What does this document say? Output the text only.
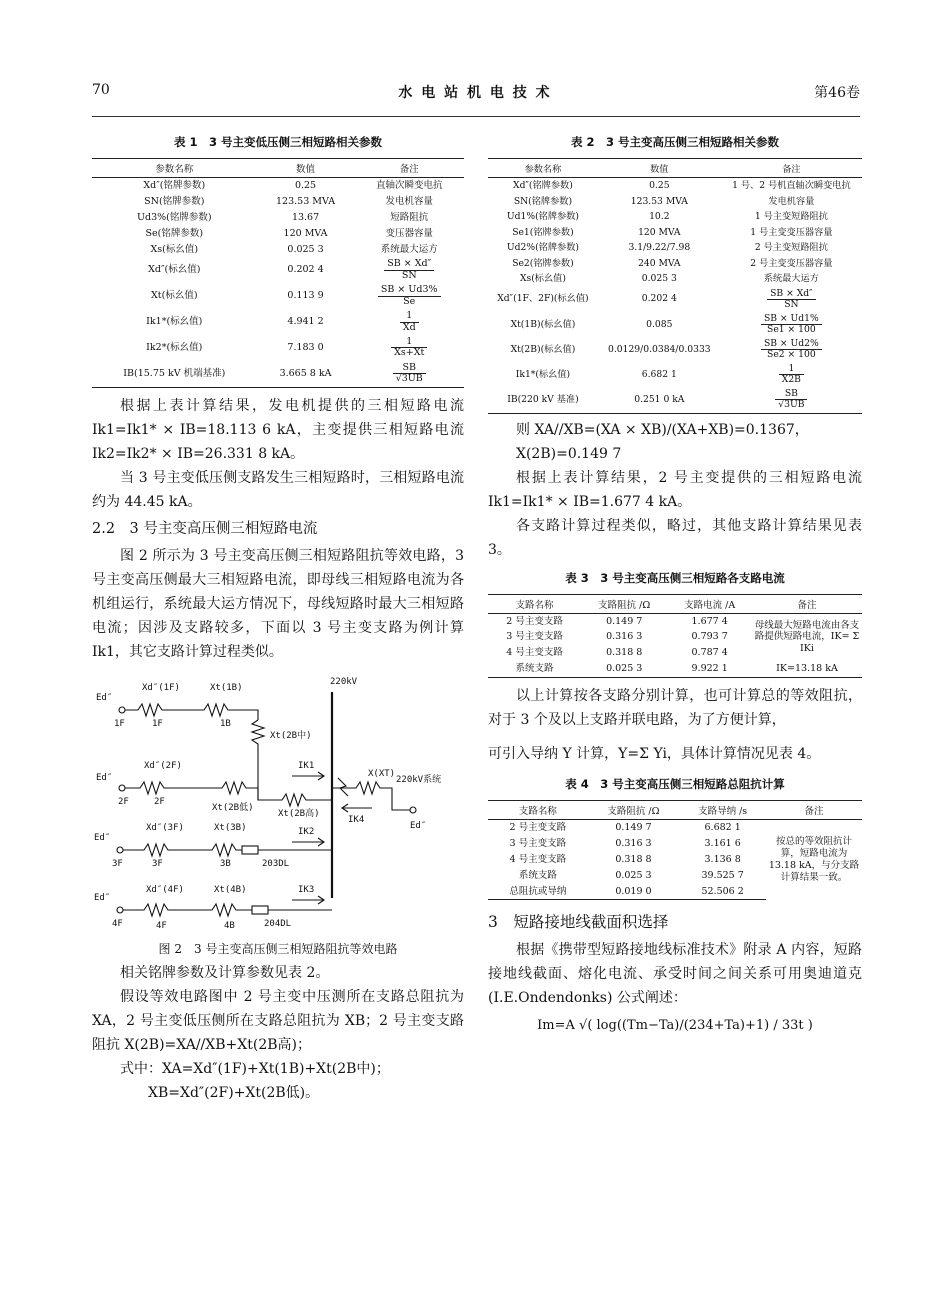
70	水 电 站 机 电 技 术	第46卷
表 1　3 号主变低压侧三相短路相关参数
参数名称	数值	备注
Xd″(铭牌参数)	0.25	直轴次瞬变电抗
SN(铭牌参数)	123.53 MVA	发电机容量
Ud3%(铭牌参数)	13.67	短路阻抗
Se(铭牌参数)	120 MVA	变压器容量
Xs(标幺值)	0.025 3	系统最大运方
Xd″(标幺值)	0.202 4	$\frac{SB \times Xd''}{SN}$

Xt(标幺值)	0.113 9	$\frac{SB \times Ud3\%}{Se}$

Ik1*(标幺值)	4.941 2	$\frac{1}{Xd}$

Ik2*(标幺值)	7.183 0	$\frac{1}{Xs+Xt}$

IB(15.75 kV 机端基准)	3.665 8 kA	$\frac{SB}{√3UB}$

根据上表计算结果，发电机提供的三相短路电流 Ik1=Ik1* × IB=18.113 6 kA，主变提供三相短路电流 Ik2=Ik2* × IB=26.331 8 kA。

当 3 号主变低压侧支路发生三相短路时，三相短路电流约为 44.45 kA。

2.2　3 号主变高压侧三相短路电流

图 2 所示为 3 号主变高压侧三相短路阻抗等效电路，3 号主变高压侧最大三相短路电流，即母线三相短路电流为各机组运行，系统最大运方情况下，母线短路时最大三相短路电流；因涉及支路较多，下面以 3 号主变支路为例计算 Ik1，其它支路计算过程类似。

220kV
Ed″
1F
Xd″(1F)
1F
Xt(1B)
1B
Xt(2B中)
Ed″
2F
Xd″(2F)
2F
Xt(2B低)
Xt(2B高)
IK1
X(XT)
220kV系统
Ed″
IK4
Ed″
3F
Xd″(3F)
3F
Xt(3B)
3B	203DL
IK2
Ed″
4F
Xd″(4F)
4F
Xt(4B)
4B	204DL
IK3
图 2　3 号主变高压侧三相短路阻抗等效电路

相关铭牌参数及计算参数见表 2。

假设等效电路图中 2 号主变中压测所在支路总阻抗为 XA，2 号主变低压侧所在支路总阻抗为 XB；2 号主变支路阻抗 X(2B)=XA//XB+Xt(2B高)；

式中：XA=Xd″(1F)+Xt(1B)+Xt(2B中)；

XB=Xd″(2F)+Xt(2B低)。

表 2　3 号主变高压侧三相短路相关参数
参数名称	数值	备注
Xd″(铭牌参数)	0.25	1 号、2 号机直轴次瞬变电抗
SN(铭牌参数)	123.53 MVA	发电机容量
Ud1%(铭牌参数)	10.2	1 号主变短路阻抗
Se1(铭牌参数)	120 MVA	1 号主变变压器容量
Ud2%(铭牌参数)	3.1/9.22/7.98	2 号主变短路阻抗
Se2(铭牌参数)	240 MVA	2 号主变变压器容量
Xs(标幺值)	0.025 3	系统最大运方
Xd″(1F、2F)(标幺值)	0.202 4	$\frac{SB \times Xd''}{SN}$

Xt(1B)(标幺值)	0.085	$\frac{SB \times Ud1\%}{Se1 \times 100}$

Xt(2B)(标幺值)	0.0129/0.0384/0.0333	$\frac{SB \times Ud2\%}{Se2 \times 100}$

Ik1*(标幺值)	6.682 1	$\frac{1}{X2B}$

IB(220 kV 基准)	0.251 0 kA	$\frac{SB}{√3UB}$

则 XA//XB=(XA × XB)/(XA+XB)=0.1367，

X(2B)=0.149 7

根据上表计算结果，2 号主变提供的三相短路电流 Ik1=Ik1* × IB=1.677 4 kA。

各支路计算过程类似，略过，其他支路计算结果见表 3。

表 3　3 号主变高压侧三相短路各支路电流
支路名称	支路阻抗 /Ω	支路电流 /A	备注
2 号主变支路	0.149 7	1.677 4	母线最大短路电流由各支路提供短路电流，IK= Σ IKi
3 号主变支路	0.316 3	0.793 7	
4 号主变支路	0.318 8	0.787 4	
系统支路	0.025 3	9.922 1	IK=13.18 kA

以上计算按各支路分别计算，也可计算总的等效阻抗，对于 3 个及以上支路并联电路，为了方便计算，

可引入导纳 Y 计算，Y=Σ Yi，具体计算情况见表 4。

表 4　3 号主变高压侧三相短路总阻抗计算
支路名称	支路阻抗 /Ω	支路导纳 /s	备注
2 号主变支路	0.149 7	6.682 1	按总的等效阻抗计算，短路电流为 13.18 kA，与分支路计算结果一致。
3 号主变支路	0.316 3	3.161 6	
4 号主变支路	0.318 8	3.136 8	
系统支路	0.025 3	39.525 7	
总阻抗或导纳	0.019 0	52.506 2	
3　短路接地线截面积选择

根据《携带型短路接地线标准技术》附录 A 内容，短路接地线截面、熔化电流、承受时间之间关系可用奥迪道克 (I.E.Ondendonks) 公式阐述：

Im=A √( log((Tm−Ta)/(234+Ta)+1) / 33t )
